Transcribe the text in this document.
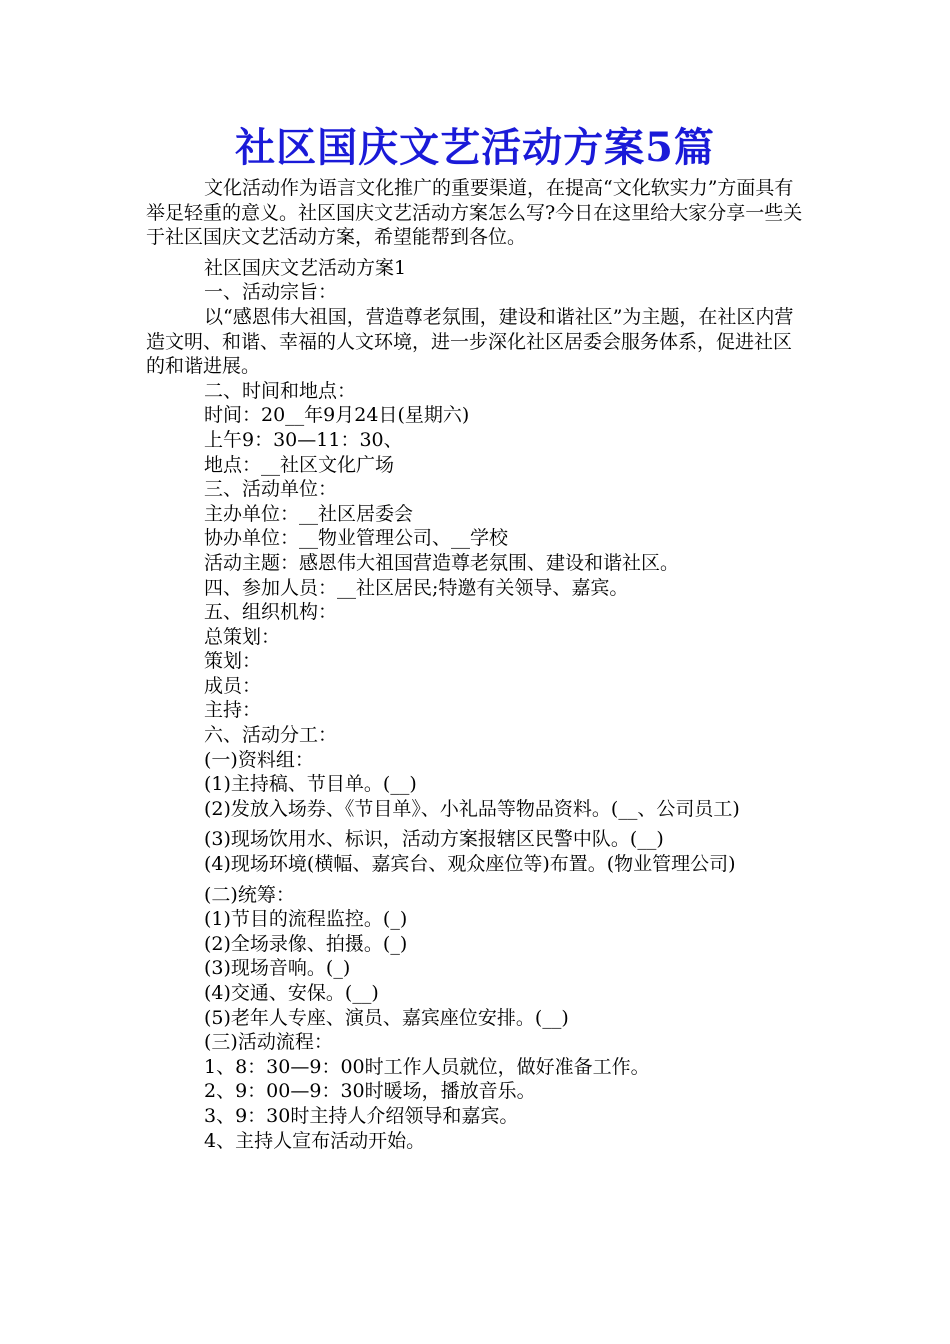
社区国庆文艺活动方案5篇

文化活动作为语言文化推广的重要渠道，在提高“文化软实力”方面具有举足轻重的意义。社区国庆文艺活动方案怎么写?今日在这里给大家分享一些关于社区国庆文艺活动方案，希望能帮到各位。

社区国庆文艺活动方案1

一、活动宗旨：

以“感恩伟大祖国，营造尊老氛围，建设和谐社区”为主题，在社区内营造文明、和谐、幸福的人文环境，进一步深化社区居委会服务体系，促进社区的和谐进展。

二、时间和地点：

时间：20__年9月24日(星期六)

上午9：30—11：30、

地点：__社区文化广场

三、活动单位：

主办单位：__社区居委会

协办单位：__物业管理公司、__学校

活动主题：感恩伟大祖国营造尊老氛围、建设和谐社区。

四、参加人员：__社区居民;特邀有关领导、嘉宾。

五、组织机构：

总策划：

策划：

成员：

主持：

六、活动分工：

(一)资料组：

(1)主持稿、节目单。(__)

(2)发放入场券、《节目单》、小礼品等物品资料。(__、公司员工)

(3)现场饮用水、标识，活动方案报辖区民警中队。(__)

(4)现场环境(横幅、嘉宾台、观众座位等)布置。(物业管理公司)

(二)统筹：

(1)节目的流程监控。(_)

(2)全场录像、拍摄。(_)

(3)现场音响。(_)

(4)交通、安保。(__)

(5)老年人专座、演员、嘉宾座位安排。(__)

(三)活动流程：

1、8：30—9：00时工作人员就位，做好准备工作。

2、9：00—9：30时暖场，播放音乐。

3、9：30时主持人介绍领导和嘉宾。

4、主持人宣布活动开始。
